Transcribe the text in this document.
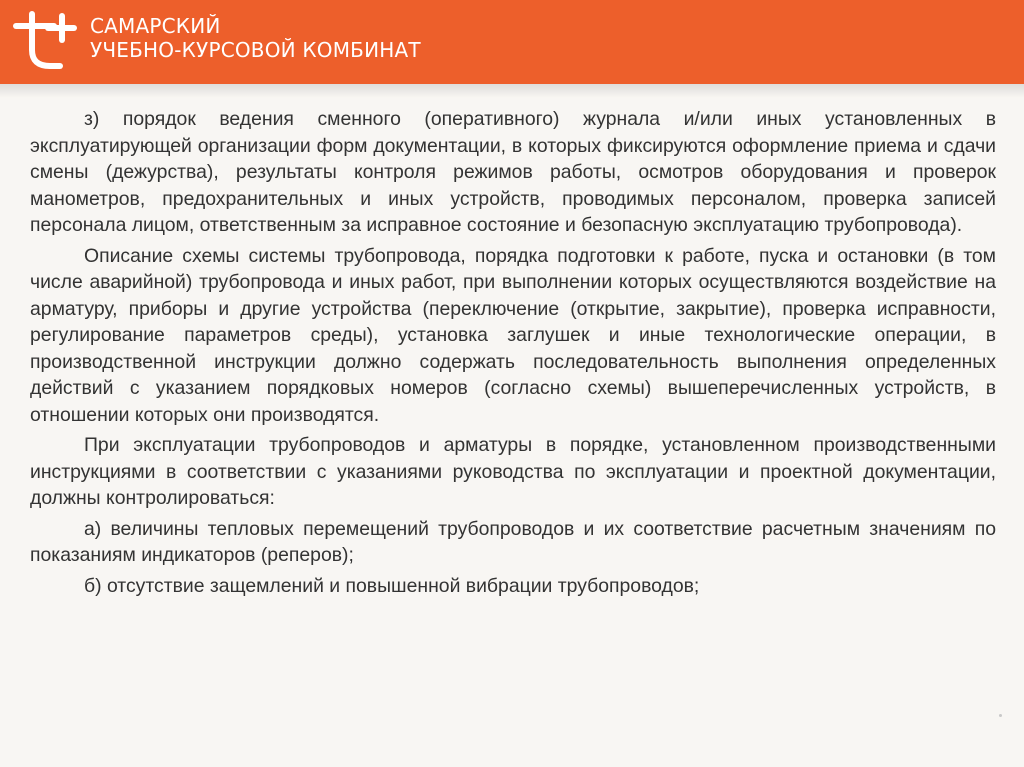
САМАРСКИЙ
УЧЕБНО-КУРСОВОЙ КОМБИНАТ

з) порядок ведения сменного (оперативного) журнала и/или иных установленных в эксплуатирующей организации форм документации, в которых фиксируются оформление приема и сдачи смены (дежурства), результаты контроля режимов работы, осмотров оборудования и проверок манометров, предохранительных и иных устройств, проводимых персоналом, проверка записей персонала лицом, ответственным за исправное состояние и безопасную эксплуатацию трубопровода).

Описание схемы системы трубопровода, порядка подготовки к работе, пуска и остановки (в том числе аварийной) трубопровода и иных работ, при выполнении которых осуществляются воздействие на арматуру, приборы и другие устройства (переключение (открытие, закрытие), проверка исправности, регулирование параметров среды), установка заглушек и иные технологические операции, в производственной инструкции должно содержать последовательность выполнения определенных действий с указанием порядковых номеров (согласно схемы) вышеперечисленных устройств, в отношении которых они производятся.

При эксплуатации трубопроводов и арматуры в порядке, установленном производственными инструкциями в соответствии с указаниями руководства по эксплуатации и проектной документации, должны контролироваться:

а) величины тепловых перемещений трубопроводов и их соответствие расчетным значениям по показаниям индикаторов (реперов);

б) отсутствие защемлений и повышенной вибрации трубопроводов;
